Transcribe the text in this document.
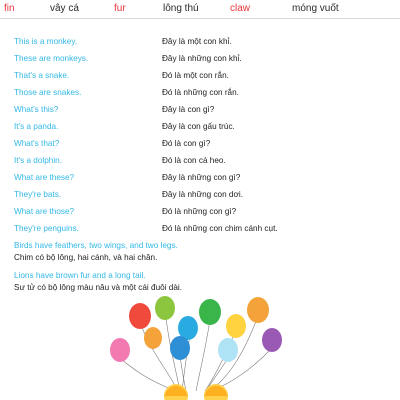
fin	vây cá	fur	lông thú	claw	móng vuốt
This is a monkey.	Đây là một con khỉ.
These are monkeys.	Đây là những con khỉ.
That's a snake.	Đó là một con rắn.
Those are snakes.	Đó là những con rắn.
What's this?	Đây là con gì?
It's a panda.	Đây là con gấu trúc.
What's that?	Đó là con gì?
It's a dolphin.	Đó là con cá heo.
What are these?	Đây là những con gì?
They're bats.	Đây là những con dơi.
What are those?	Đó là những con gì?
They're penguins.	Đó là những con chim cánh cụt.
Birds have feathers, two wings, and two legs.
Chim có bộ lông, hai cánh, và hai chân.
Lions have brown fur and a long tail.
Sư tử có bộ lông màu nâu và một cái đuôi dài.
